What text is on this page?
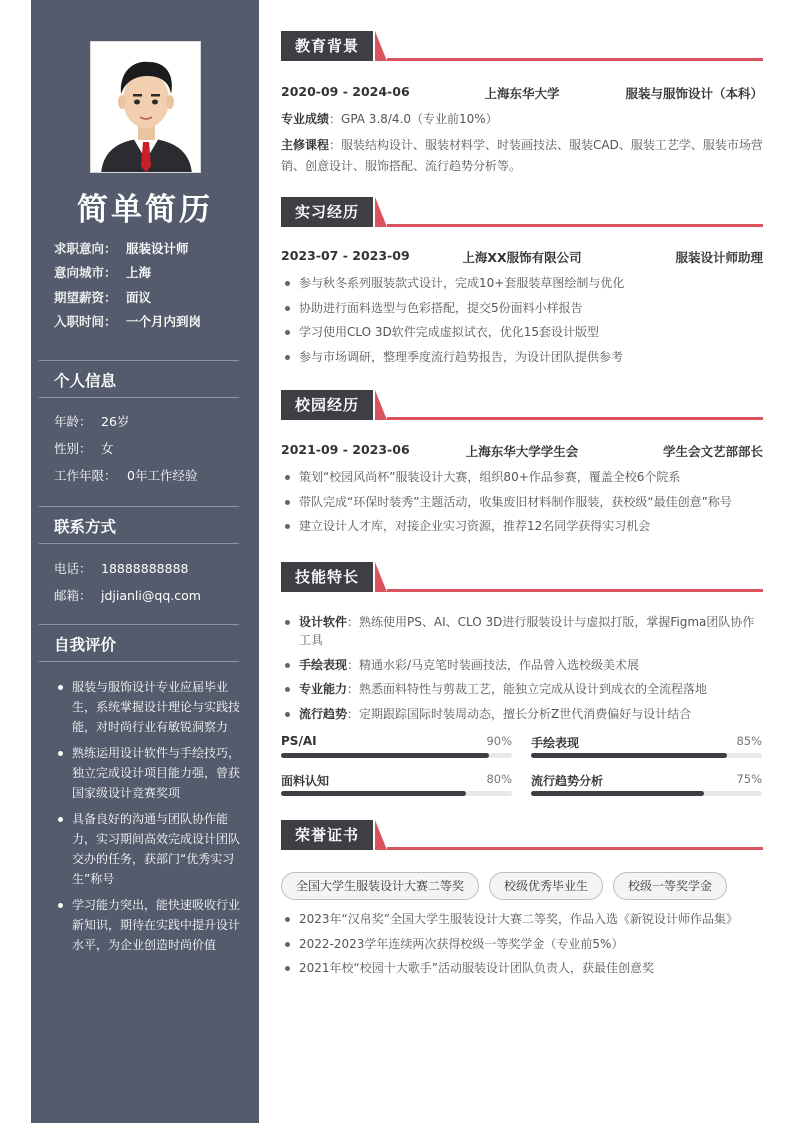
简单简历
求职意向： 服装设计师
意向城市： 上海
期望薪资： 面议
入职时间： 一个月内到岗
个人信息
年龄： 26岁
性别： 女
工作年限： 0年工作经验
联系方式
电话： 18888888888
邮箱： jdjianli@qq.com
自我评价
服装与服饰设计专业应届毕业生，系统掌握设计理论与实践技能，对时尚行业有敏锐洞察力
熟练运用设计软件与手绘技巧，独立完成设计项目能力强，曾获国家级设计竞赛奖项
具备良好的沟通与团队协作能力，实习期间高效完成设计团队交办的任务，获部门“优秀实习生”称号
学习能力突出，能快速吸收行业新知识，期待在实践中提升设计水平，为企业创造时尚价值
教育背景
2020-09 - 2024-06	上海东华大学	服装与服饰设计（本科）
专业成绩：GPA 3.8/4.0（专业前10%）
主修课程：服装结构设计、服装材料学、时装画技法、服装CAD、服装工艺学、服装市场营销、创意设计、服饰搭配、流行趋势分析等。
实习经历
2023-07 - 2023-09	上海XX服饰有限公司	服装设计师助理
参与秋冬系列服装款式设计，完成10+套服装草图绘制与优化
协助进行面料选型与色彩搭配，提交5份面料小样报告
学习使用CLO 3D软件完成虚拟试衣，优化15套设计版型
参与市场调研，整理季度流行趋势报告，为设计团队提供参考
校园经历
2021-09 - 2023-06	上海东华大学学生会	学生会文艺部部长
策划“校园风尚杯”服装设计大赛，组织80+作品参赛，覆盖全校6个院系
带队完成“环保时装秀”主题活动，收集废旧材料制作服装，获校级“最佳创意”称号
建立设计人才库，对接企业实习资源，推荐12名同学获得实习机会
技能特长
设计软件：熟练使用PS、AI、CLO 3D进行服装设计与虚拟打版，掌握Figma团队协作工具
手绘表现：精通水彩/马克笔时装画技法，作品曾入选校级美术展
专业能力：熟悉面料特性与剪裁工艺，能独立完成从设计到成衣的全流程落地
流行趋势：定期跟踪国际时装周动态，擅长分析Z世代消费偏好与设计结合
PS/AI	90% 手绘表现	85%
面料认知	80% 流行趋势分析	75%
荣誉证书
全国大学生服装设计大赛二等奖	校级优秀毕业生	校级一等奖学金
2023年“汉帛奖”全国大学生服装设计大赛二等奖，作品入选《新锐设计师作品集》
2022-2023学年连续两次获得校级一等奖学金（专业前5%）
2021年校“校园十大歌手”活动服装设计团队负责人，获最佳创意奖
